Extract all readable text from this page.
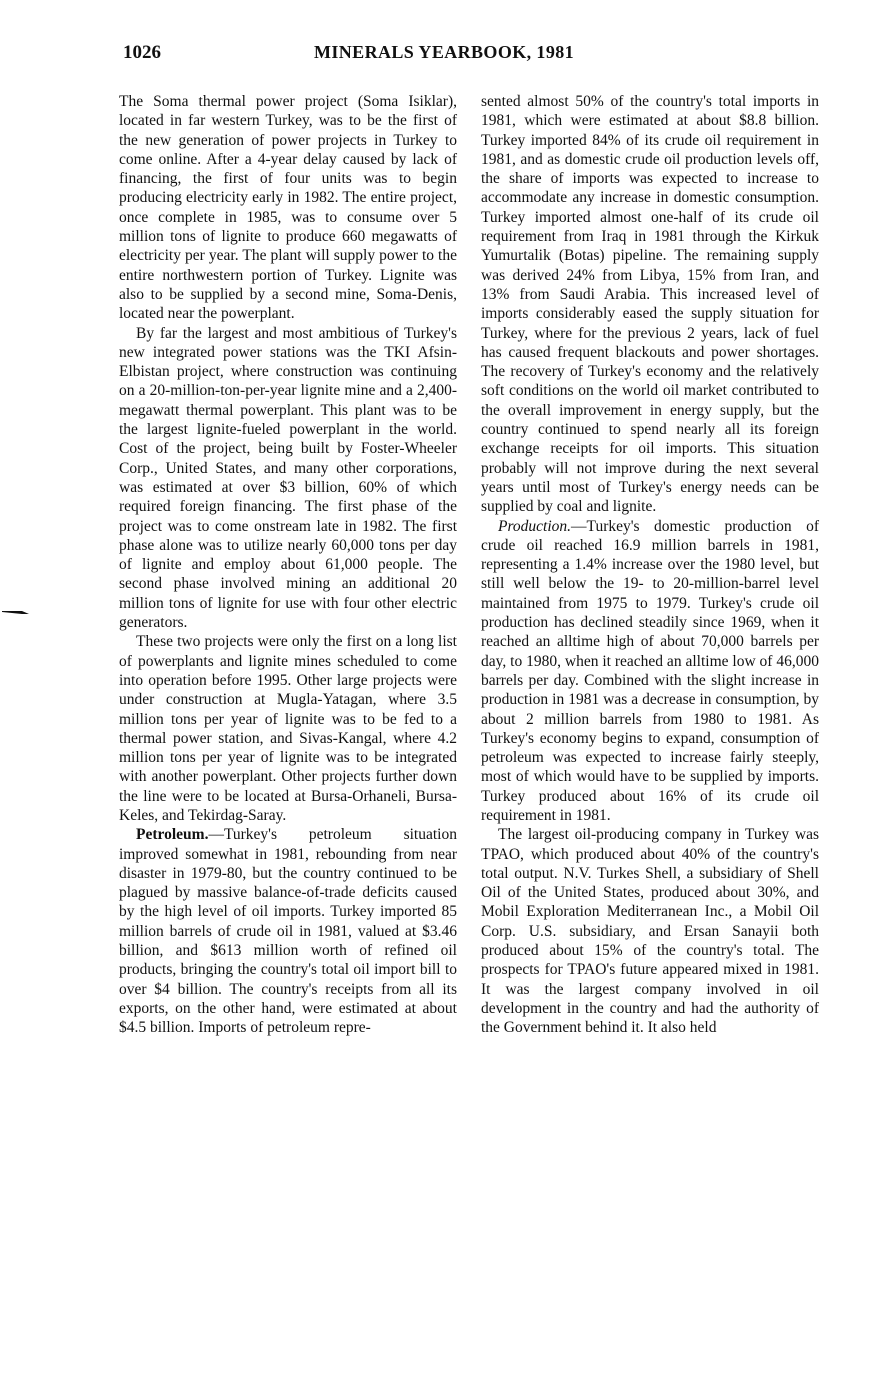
1026	MINERALS YEARBOOK, 1981

The Soma thermal power project (Soma Isiklar), located in far western Turkey, was to be the first of the new generation of power projects in Turkey to come online. After a 4-year delay caused by lack of financing, the first of four units was to begin producing electricity early in 1982. The entire project, once complete in 1985, was to consume over 5 million tons of lignite to produce 660 megawatts of electricity per year. The plant will supply power to the entire northwestern portion of Turkey. Lignite was also to be supplied by a second mine, Soma-Denis, located near the powerplant.

By far the largest and most ambitious of Turkey's new integrated power stations was the TKI Afsin-Elbistan project, where construction was continuing on a 20-million-ton-per-year lignite mine and a 2,400-megawatt thermal powerplant. This plant was to be the largest lignite-fueled powerplant in the world. Cost of the project, being built by Foster-Wheeler Corp., United States, and many other corporations, was estimated at over $3 billion, 60% of which required foreign financing. The first phase of the project was to come onstream late in 1982. The first phase alone was to utilize nearly 60,000 tons per day of lignite and employ about 61,000 people. The second phase involved mining an additional 20 million tons of lignite for use with four other electric generators.

These two projects were only the first on a long list of powerplants and lignite mines scheduled to come into operation before 1995. Other large projects were under construction at Mugla-Yatagan, where 3.5 million tons per year of lignite was to be fed to a thermal power station, and Sivas-Kangal, where 4.2 million tons per year of lignite was to be integrated with another powerplant. Other projects further down the line were to be located at Bursa-Orhaneli, Bursa-Keles, and Tekirdag-Saray.

Petroleum.—Turkey's petroleum situation improved somewhat in 1981, rebounding from near disaster in 1979-80, but the country continued to be plagued by massive balance-of-trade deficits caused by the high level of oil imports. Turkey imported 85 million barrels of crude oil in 1981, valued at $3.46 billion, and $613 million worth of refined oil products, bringing the country's total oil import bill to over $4 billion. The country's receipts from all its exports, on the other hand, were estimated at about $4.5 billion. Imports of petroleum repre-

sented almost 50% of the country's total imports in 1981, which were estimated at about $8.8 billion. Turkey imported 84% of its crude oil requirement in 1981, and as domestic crude oil production levels off, the share of imports was expected to increase to accommodate any increase in domestic consumption. Turkey imported almost one-half of its crude oil requirement from Iraq in 1981 through the Kirkuk Yumurtalik (Botas) pipeline. The remaining supply was derived 24% from Libya, 15% from Iran, and 13% from Saudi Arabia. This increased level of imports considerably eased the supply situation for Turkey, where for the previous 2 years, lack of fuel has caused frequent blackouts and power shortages. The recovery of Turkey's economy and the relatively soft conditions on the world oil market contributed to the overall improvement in energy supply, but the country continued to spend nearly all its foreign exchange receipts for oil imports. This situation probably will not improve during the next several years until most of Turkey's energy needs can be supplied by coal and lignite.

Production.—Turkey's domestic production of crude oil reached 16.9 million barrels in 1981, representing a 1.4% increase over the 1980 level, but still well below the 19- to 20-million-barrel level maintained from 1975 to 1979. Turkey's crude oil production has declined steadily since 1969, when it reached an alltime high of about 70,000 barrels per day, to 1980, when it reached an alltime low of 46,000 barrels per day. Combined with the slight increase in production in 1981 was a decrease in consumption, by about 2 million barrels from 1980 to 1981. As Turkey's economy begins to expand, consumption of petroleum was expected to increase fairly steeply, most of which would have to be supplied by imports. Turkey produced about 16% of its crude oil requirement in 1981.

The largest oil-producing company in Turkey was TPAO, which produced about 40% of the country's total output. N.V. Turkes Shell, a subsidiary of Shell Oil of the United States, produced about 30%, and Mobil Exploration Mediterranean Inc., a Mobil Oil Corp. U.S. subsidiary, and Ersan Sanayii both produced about 15% of the country's total. The prospects for TPAO's future appeared mixed in 1981. It was the largest company involved in oil development in the country and had the authority of the Government behind it. It also held
